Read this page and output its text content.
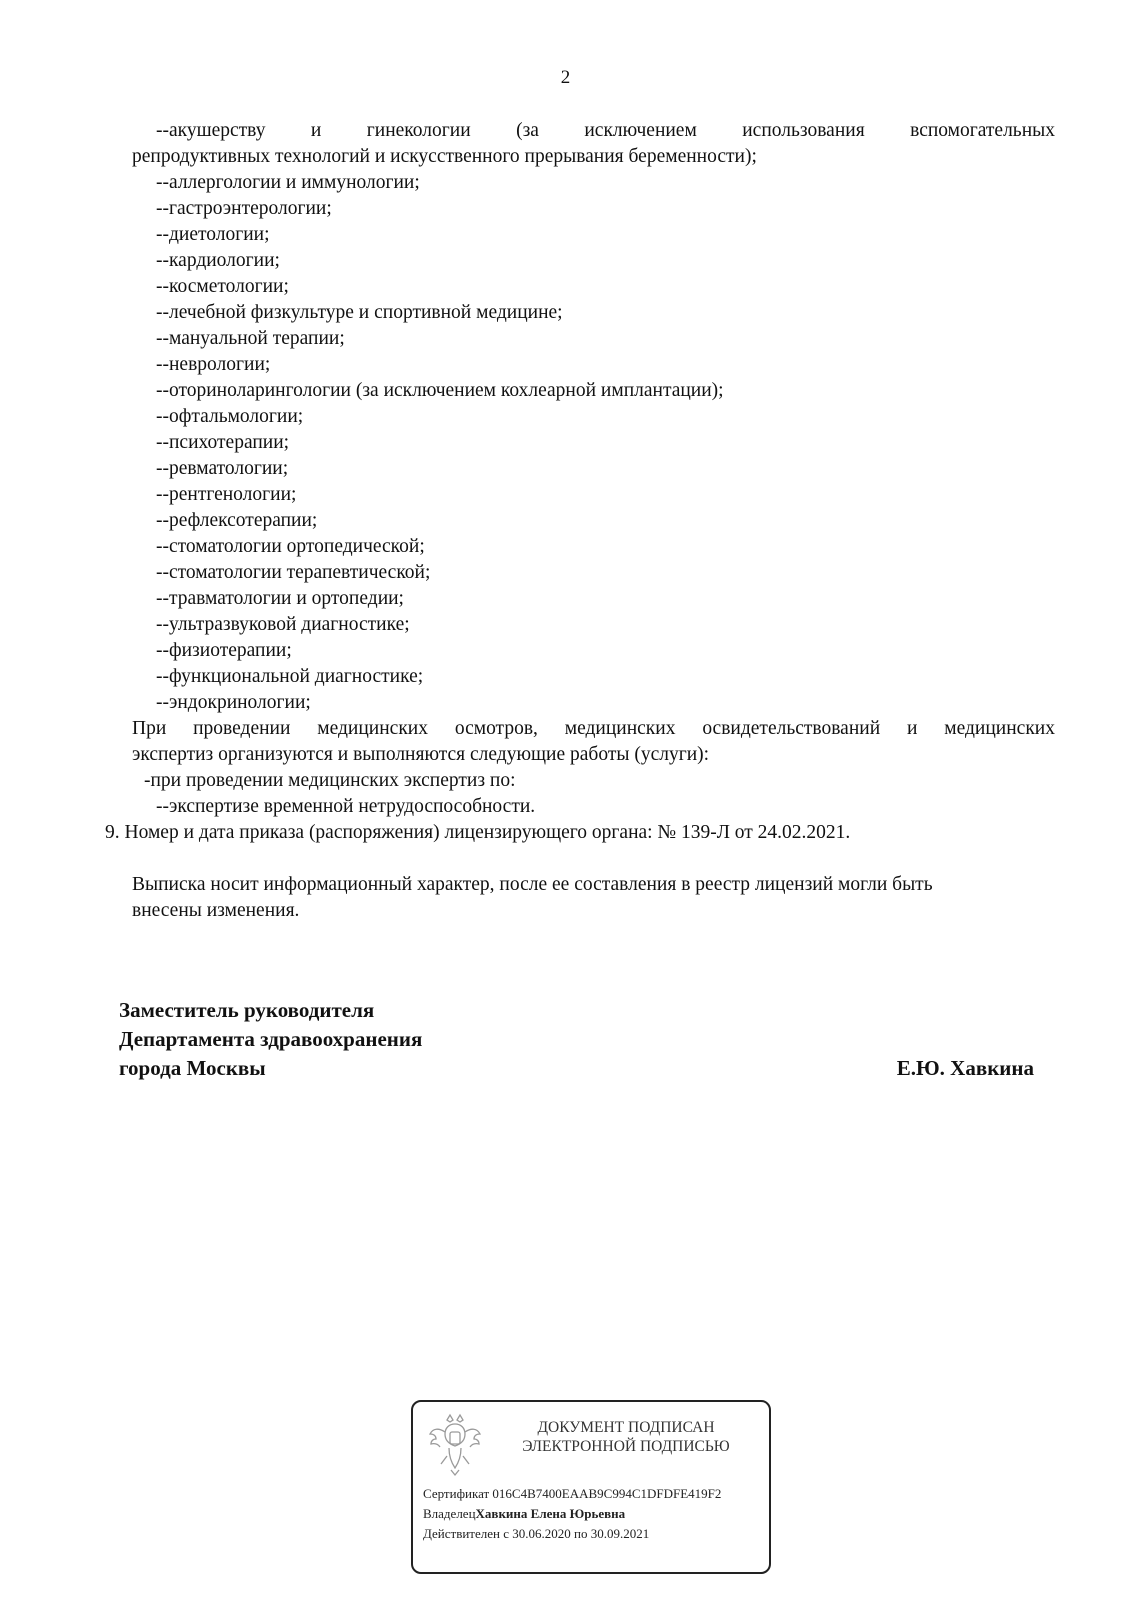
2
--акушерству и гинекологии (за исключением использования вспомогательных
репродуктивных технологий и искусственного прерывания беременности);
--аллергологии и иммунологии;
--гастроэнтерологии;
--диетологии;
--кардиологии;
--косметологии;
--лечебной физкультуре и спортивной медицине;
--мануальной терапии;
--неврологии;
--оториноларингологии (за исключением кохлеарной имплантации);
--офтальмологии;
--психотерапии;
--ревматологии;
--рентгенологии;
--рефлексотерапии;
--стоматологии ортопедической;
--стоматологии терапевтической;
--травматологии и ортопедии;
--ультразвуковой диагностике;
--физиотерапии;
--функциональной диагностике;
--эндокринологии;
При проведении медицинских осмотров, медицинских освидетельствований и медицинских
экспертиз организуются и выполняются следующие работы (услуги):
-при проведении медицинских экспертиз по:
--экспертизе временной нетрудоспособности.
9. Номер и дата приказа (распоряжения) лицензирующего органа: № 139-Л от 24.02.2021.
Выписка носит информационный характер, после ее составления в реестр лицензий могли быть
внесены изменения.
Заместитель руководителя
Департамента здравоохранения
города Москвы	Е.Ю. Хавкина
ДОКУМЕНТ ПОДПИСАН
ЭЛЕКТРОННОЙ ПОДПИСЬЮ
Сертификат 016C4B7400EAAB9C994C1DFDFE419F2
ВладелецХавкина Елена Юрьевна
Действителен с 30.06.2020 по 30.09.2021
